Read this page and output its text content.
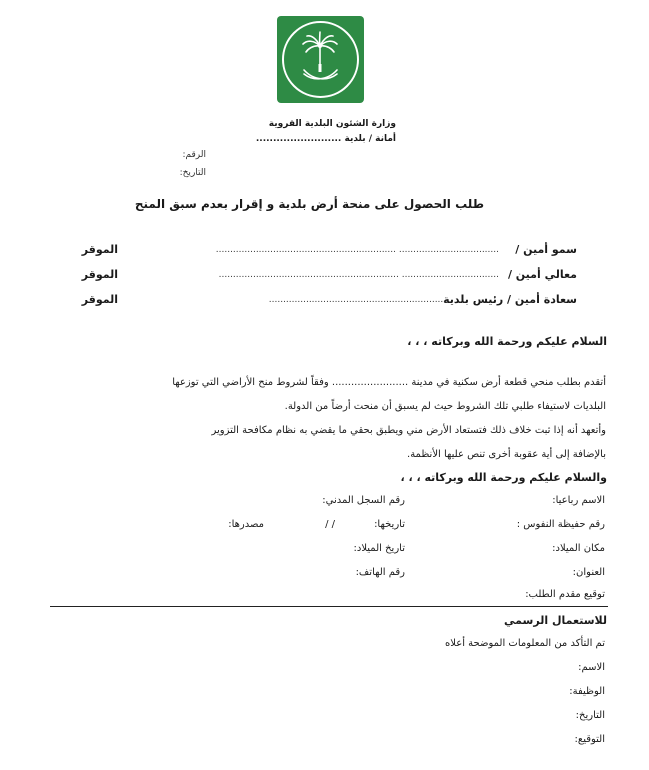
وزارة الشئون البلدية القروية
أمانة / بلدية .........................
الرقم:
التاريخ:
طلب الحصول على منحة أرض بلدية و إقرار بعدم سبق المنح
سمو أمين /
................................... ...............................................................
الموقر
معالي أمين /
.................................. ...............................................................
الموقر
سعادة أمين / رئيس بلدية
...............................................................
الموقر
السلام عليكم ورحمة الله وبركاته ، ، ،
أتقدم بطلب منحي قطعة أرض سكنية في مدينة ........................ وفقاً لشروط منح الأراضي التي توزعها
البلديات لاستيفاء طلبي تلك الشروط حيث لم يسبق أن منحت أرضاً من الدولة.
وأتعهد أنه إذا ثبت خلاف ذلك فتستعاد الأرض مني ويطبق بحقي ما يقضي به نظام مكافحة التزوير
بالإضافة إلى أية عقوبة أخرى تنص عليها الأنظمة.
والسلام عليكم ورحمة الله وبركاته ، ، ،
الاسم رباعيا:
رقم السجل المدني:
رقم حفيظة النفوس :
تاريخها:
/ /
مصدرها:
مكان الميلاد:
تاريخ الميلاد:
العنوان:
رقم الهاتف:
توقيع مقدم الطلب:
للاستعمال الرسمي
تم التأكد من المعلومات الموضحة أعلاه
الاسم:
الوظيفة:
التاريخ:
التوقيع:
